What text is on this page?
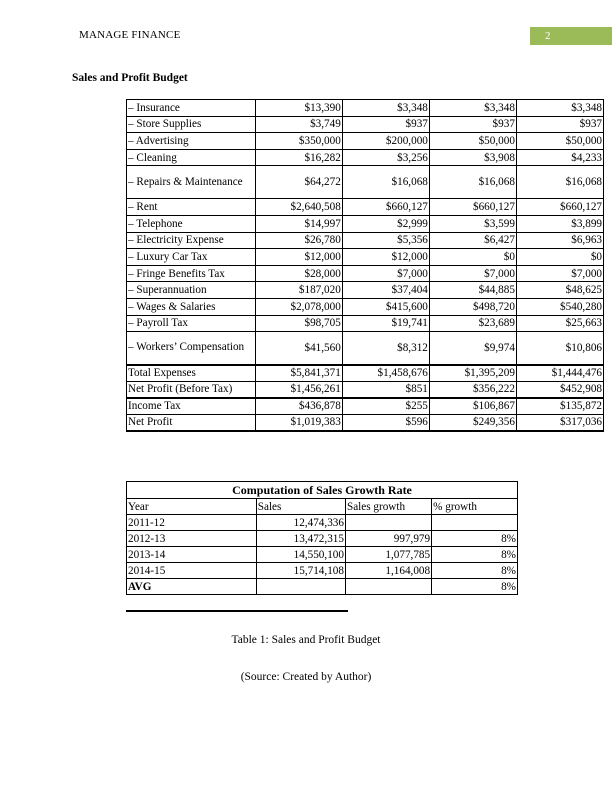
MANAGE FINANCE	2
Sales and Profit Budget
– Insurance	$13,390	$3,348	$3,348	$3,348
– Store Supplies	$3,749	$937	$937	$937
– Advertising	$350,000	$200,000	$50,000	$50,000
– Cleaning	$16,282	$3,256	$3,908	$4,233
– Repairs & Maintenance	$64,272	$16,068	$16,068	$16,068
– Rent	$2,640,508	$660,127	$660,127	$660,127
– Telephone	$14,997	$2,999	$3,599	$3,899
– Electricity Expense	$26,780	$5,356	$6,427	$6,963
– Luxury Car Tax	$12,000	$12,000	$0	$0
– Fringe Benefits Tax	$28,000	$7,000	$7,000	$7,000
– Superannuation	$187,020	$37,404	$44,885	$48,625
– Wages & Salaries	$2,078,000	$415,600	$498,720	$540,280
– Payroll Tax	$98,705	$19,741	$23,689	$25,663
– Workers’ Compensation	$41,560	$8,312	$9,974	$10,806
Total Expenses	$5,841,371	$1,458,676	$1,395,209	$1,444,476
Net Profit (Before Tax)	$1,456,261	$851	$356,222	$452,908
Income Tax	$436,878	$255	$106,867	$135,872
Net Profit	$1,019,383	$596	$249,356	$317,036
Computation of Sales Growth Rate			
Year	Sales	Sales growth	% growth
2011-12	12,474,336		
2012-13	13,472,315	997,979	8%
2013-14	14,550,100	1,077,785	8%
2014-15	15,714,108	1,164,008	8%
AVG			8%
Table 1: Sales and Profit Budget
(Source: Created by Author)
